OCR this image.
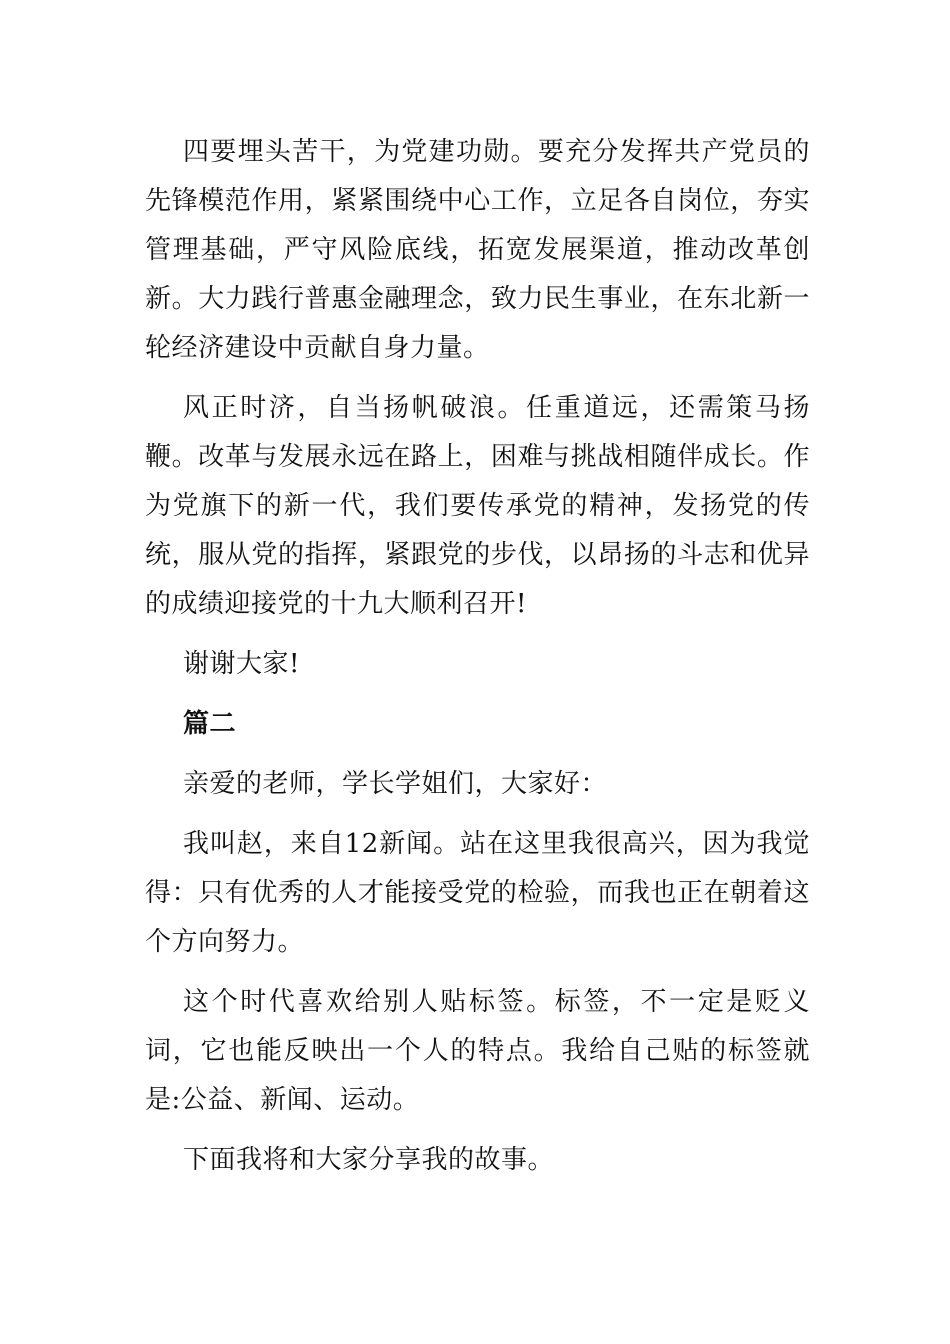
四要埋头苦干，为党建功勋。要充分发挥共产党员的先锋模范作用，紧紧围绕中心工作，立足各自岗位，夯实管理基础，严守风险底线，拓宽发展渠道，推动改革创新。大力践行普惠金融理念，致力民生事业，在东北新一轮经济建设中贡献自身力量。

风正时济，自当扬帆破浪。任重道远，还需策马扬鞭。改革与发展永远在路上，困难与挑战相随伴成长。作为党旗下的新一代，我们要传承党的精神，发扬党的传统，服从党的指挥，紧跟党的步伐，以昂扬的斗志和优异的成绩迎接党的十九大顺利召开!

谢谢大家!

篇二

亲爱的老师，学长学姐们，大家好：

我叫赵，来自12新闻。站在这里我很高兴，因为我觉得：只有优秀的人才能接受党的检验，而我也正在朝着这个方向努力。

这个时代喜欢给别人贴标签。标签，不一定是贬义词，它也能反映出一个人的特点。我给自己贴的标签就是:公益、新闻、运动。

下面我将和大家分享我的故事。
